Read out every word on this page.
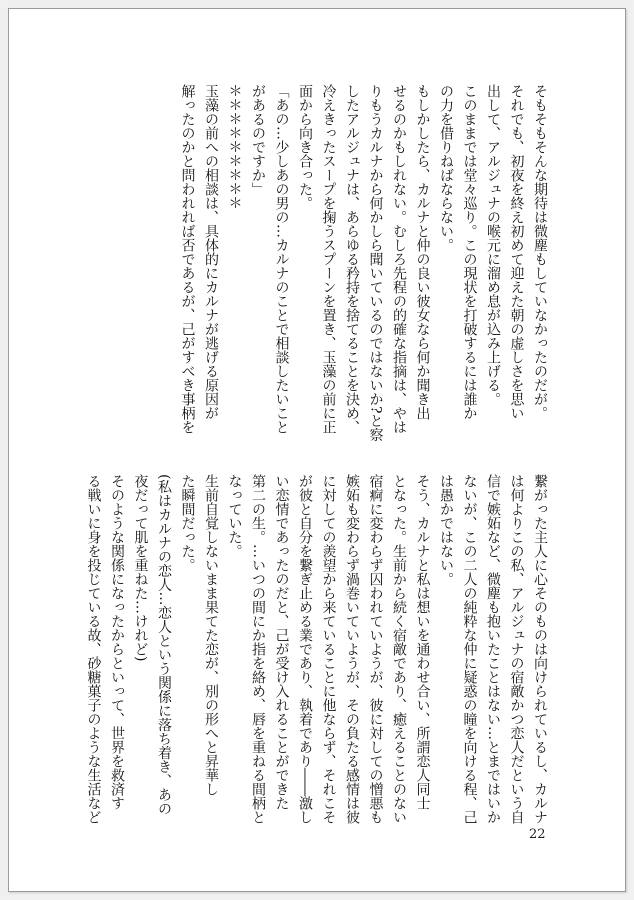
そもそもそんな期待は微塵もしていなかったのだが。
それでも、初夜を終え初めて迎えた朝の虚しさを思い
出して、アルジュナの喉元に溜め息が込み上げる。
このままでは堂々巡り。この現状を打破するには誰か
の力を借りねばならない。
もしかしたら、カルナと仲の良い彼女なら何か聞き出
せるのかもしれない。むしろ先程の的確な指摘は、やは
りもうカルナから何かしら聞いているのではないか?と察
したアルジュナは、あらゆる矜持を捨てることを決め、
冷えきったスープを掬うスプーンを置き、玉藻の前に正
面から向き合った。
「あの…少しあの男の…カルナのことで相談したいこと
があるのですか」
＊＊＊＊＊＊＊＊＊
玉藻の前への相談は、具体的にカルナが逃げる原因が
解ったのかと問われれば否であるが、己がすべき事柄を
繋がった主人に心そのものは向けられているし、カルナ
は何よりこの私、アルジュナの宿敵かつ恋人だという自
信で嫉妬など、微塵も抱いたことはない…とまではいか
ないが、この二人の純粋な仲に疑惑の瞳を向ける程、己
は愚かではない。
そう、カルナと私は想いを通わせ合い、所謂恋人同士
となった。生前から続く宿敵であり、癒えることのない
宿痾に変わらず囚われていようが、彼に対しての憎悪も
嫉妬も変わらず渦巻いていようが、その負たる感情は彼
に対しての羨望から来ていることに他ならず、それこそ
が彼と自分を繋ぎ止める業であり、執着であり――激し
い恋情であったのだと、己が受け入れることができた
第二の生。…いつの間にか指を絡め、唇を重ねる間柄と
なっていた。
生前自覚しないまま果てた恋が、別の形へと昇華し
た瞬間だった。
(私はカルナの恋人…恋人という関係に落ち着き、あの
夜だって肌を重ねた…けれど)
そのような関係になったからといって、世界を救済す
る戦いに身を投じている故、砂糖菓子のような生活など
22
